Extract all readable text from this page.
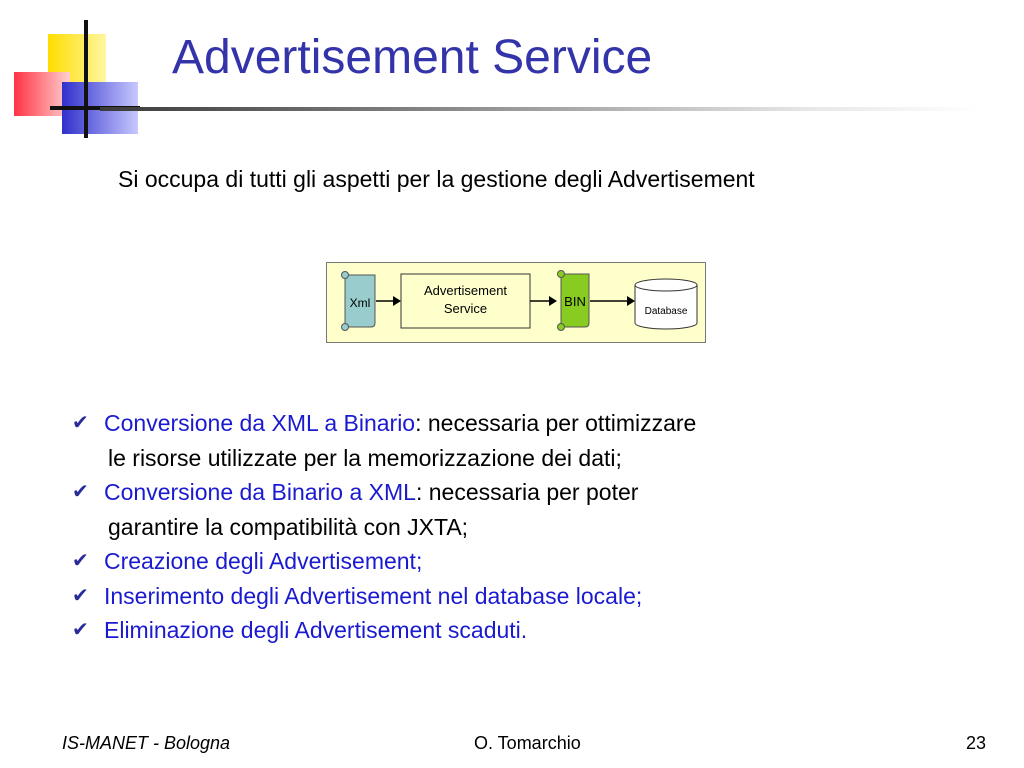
Advertisement Service
Si occupa di tutti gli aspetti per la gestione degli Advertisement
Xml
Advertisement
Service	BIN
Database
✔ Conversione da XML a Binario: necessaria per ottimizzare
le risorse utilizzate per la memorizzazione dei dati;
✔ Conversione da Binario a XML: necessaria per poter
garantire la compatibilità con JXTA;
✔ Creazione degli Advertisement;
✔ Inserimento degli Advertisement nel database locale;
✔ Eliminazione degli Advertisement scaduti.
IS-MANET - Bologna	O. Tomarchio	23
